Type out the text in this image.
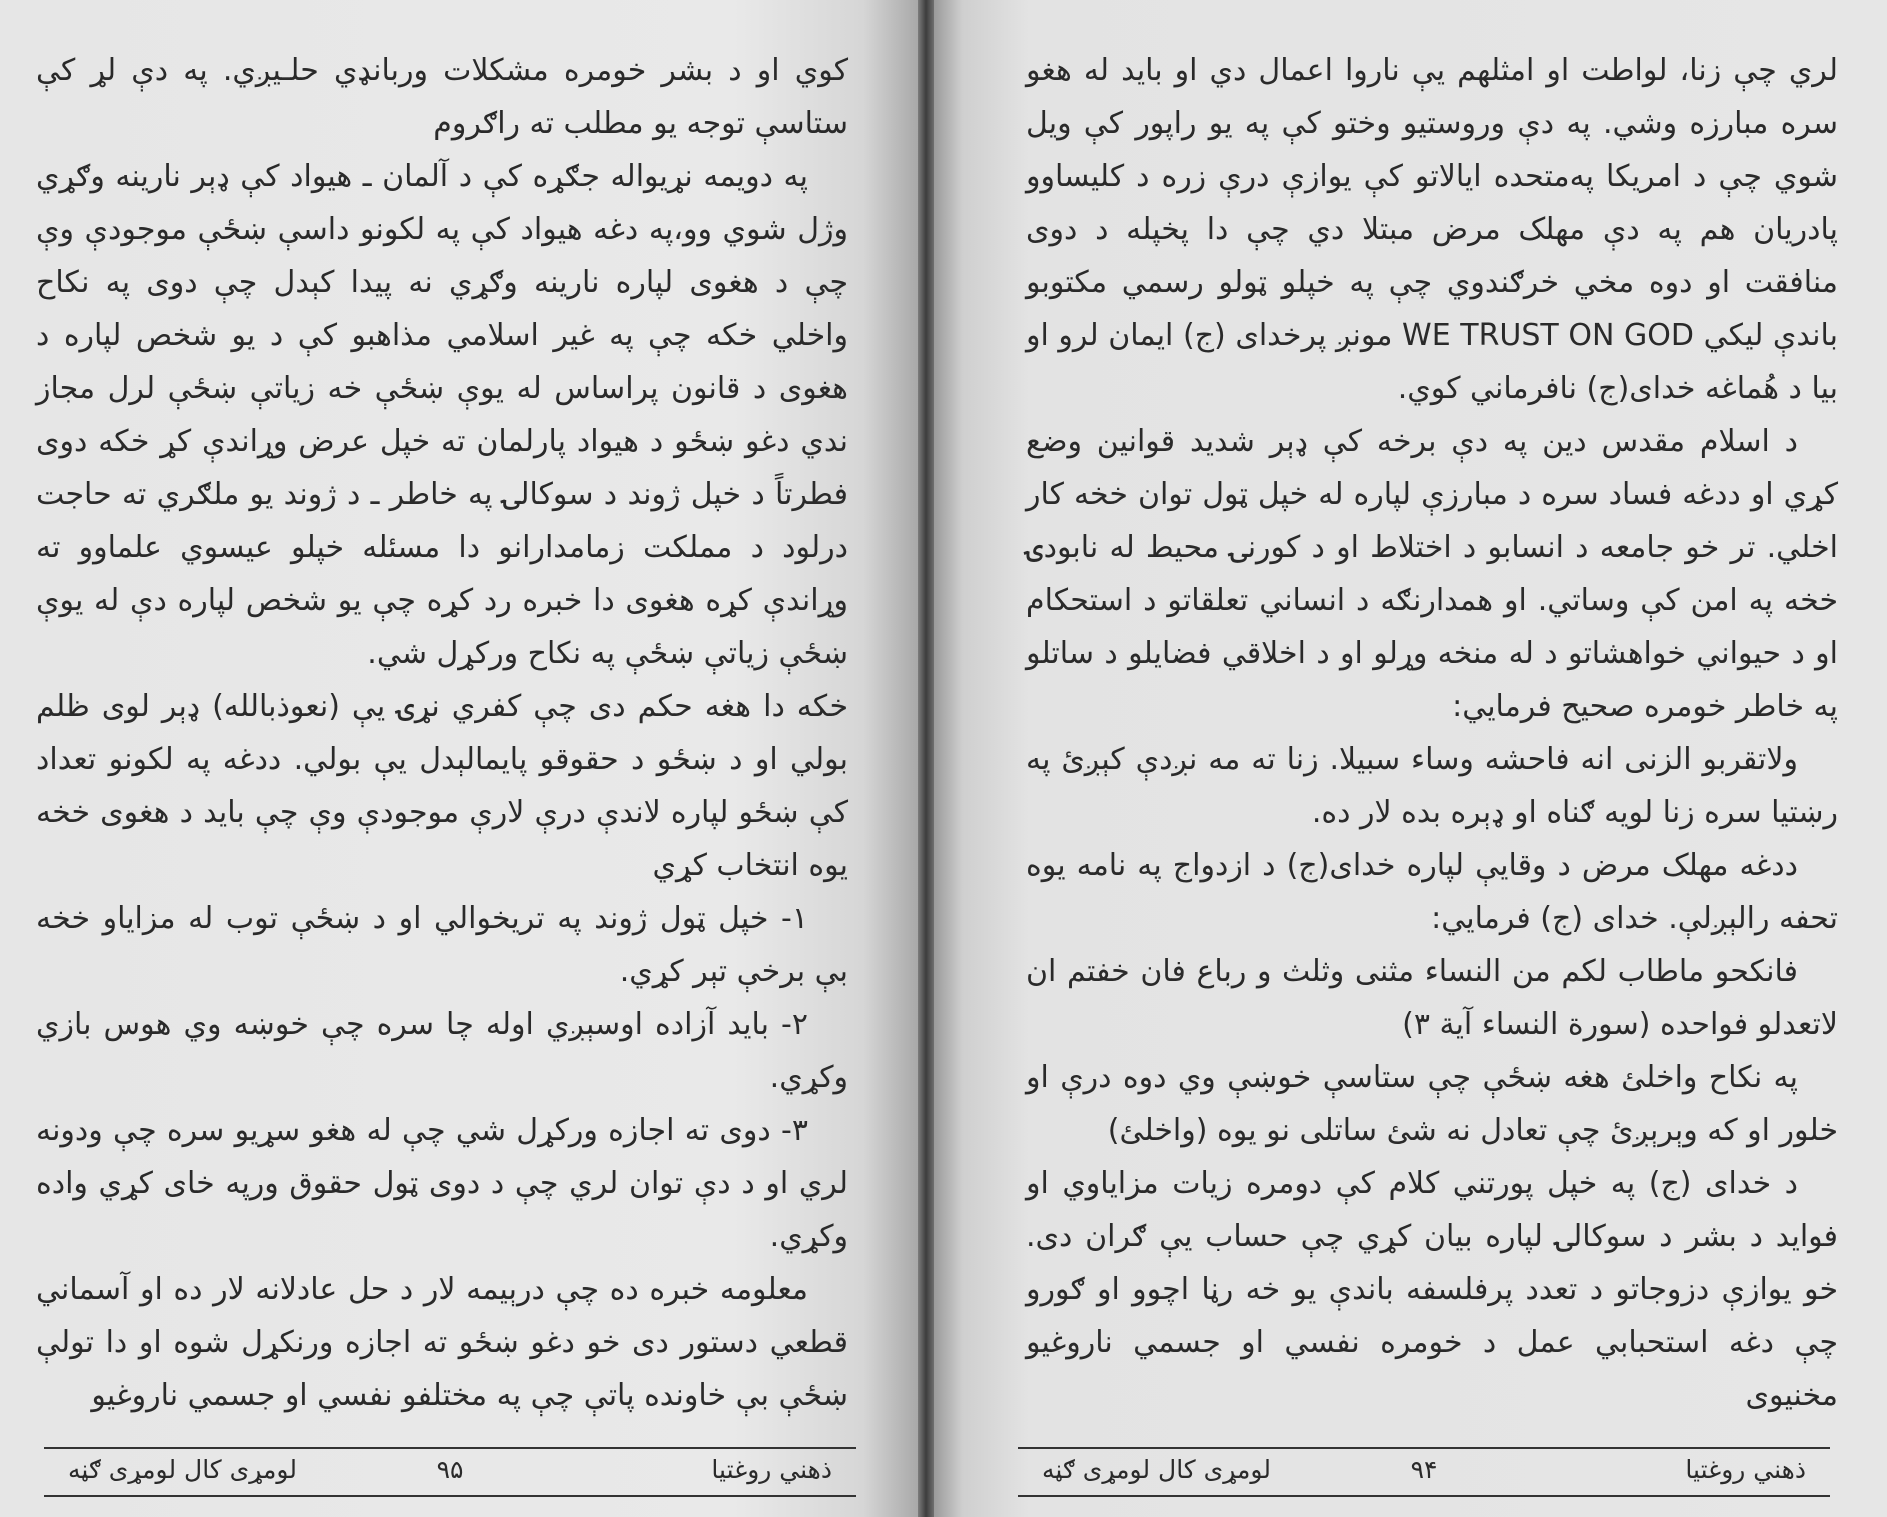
کوي او د بشر خومره مشکلات وربانډي حلـيږي. په دې لړ کې ستاسې توجه يو مطلب ته راګروم

په دويمه نړيواله جګړه کې د آلمان ـ هيواد کې ډېر نارينه وګړي وژل شوي وو،په دغه هيواد کې په لکونو داسې ښځې موجودې وې چې د هغوی لپاره نارينه وګړي نه پيدا کېدل چې دوی په نکاح واخلي خکه چې په غير اسلامي مذاهبو کې د يو شخص لپاره د هغوی د قانون پراساس له يوې ښځې خه زياتې ښځې لرل مجاز ندي دغو ښځو د هيواد پارلمان ته خپل عرض وړاندې کړ خکه دوی فطرتاً د خپل ژوند د سوکالۍ په خاطر ـ د ژوند يو ملګري ته حاجت درلود د مملکت زمامدارانو دا مسئله خپلو عيسوي علماوو ته وړاندې کړه هغوی دا خبره رد کړه چې يو شخص لپاره دې له يوې ښځې زياتې ښځې په نکاح ورکړل شي.

خکه دا هغه حکم دی چې کفري نړۍ يې (نعوذبالله) ډېر لوی ظلم بولي او د ښځو د حقوقو پايمالېدل يې بولي. ددغه په لکونو تعداد کې ښځو لپاره لاندې درې لارې موجودې وې چې بايد د هغوی خخه يوه انتخاب کړي

۱- خپل ټول ژوند په تريخوالي او د ښځې توب له مزاياو خخه بې برخې تېر کړي.

۲- بايد آزاده اوسېږي اوله چا سره چې خوښه وي هوس بازي وکړي.

۳- دوی ته اجازه ورکړل شي چې له هغو سړيو سره چې ودونه لري او د دې توان لري چې د دوی ټول حقوق ورپه خای کړي واده وکړي.

معلومه خبره ده چې درېيمه لار د حل عادلانه لار ده او آسماني قطعي دستور دی خو دغو ښځو ته اجازه ورنکړل شوه او دا تولې ښځې بې خاونده پاتې چې په مختلفو نفسي او جسمي ناروغيو

ذهني روغتيا
۹۵
لومړی کال لومړی ګڼه

لري چې زنا، لواطت او امثلهم يې ناروا اعمال دي او بايد له هغو سره مبارزه وشي. په دې وروستيو وختو کې په يو راپور کې ويل شوي چې د امريکا په‌متحده ايالاتو کې يوازې درې زره د کليساوو پادريان هم په دې مهلک مرض مبتلا دي چې دا پخپله د دوی منافقت او دوه مخي خرګندوي چې په خپلو ټولو رسمي مکتوبو باندې ليکي WE TRUST ON GOD مونږ پرخدای (ج) ايمان لرو او بيا د هُماغه خدای(ج) نافرماني کوي.

د اسلام مقدس دين په دې برخه کې ډېر شديد قوانين وضع کړي او ددغه فساد سره د مبارزې لپاره له خپل ټول توان خخه کار اخلي. تر خو جامعه د انسابو د اختلاط او د کورنۍ محيط له نابودۍ خخه په امن کې وساتي. او همدارنګه د انساني تعلقاتو د استحکام او د حيواني خواهشاتو د له منخه وړلو او د اخلاقي فضايلو د ساتلو په خاطر خومره صحيح فرمايي:

ولاتقربو الزنی انه فاحشه وساء سبيلا. زنا ته مه نږدې کېږئ په رښتيا سره زنا لويه ګناه او ډېره بده لار ده.

ددغه مهلک مرض د وقايې لپاره خدای(ج) د ازدواج په نامه يوه تحفه رالېږلې. خدای (ج) فرمايي:

فانکحو ماطاب لکم من النساء مثنی وثلث و رباع فان خفتم ان لاتعدلو فواحده (سورة النساء آية ۳)

په نکاح واخلئ هغه ښځې چې ستاسې خوښې وي دوه درې او خلور او که وېرېږئ چې تعادل نه شئ ساتلی نو يوه (واخلئ)

د خدای (ج) په خپل پورتني کلام کې دومره زيات مزاياوي او فوايد د بشر د سوکالۍ لپاره بيان کړي چې حساب يې ګران دی. خو يوازې دزوجاتو د تعدد پرفلسفه باندې يو خه رڼا اچوو او ګورو چې دغه استحبابي عمل د خومره نفسي او جسمي ناروغيو مخنيوی

ذهني روغتيا
۹۴
لومړی کال لومړی ګڼه
